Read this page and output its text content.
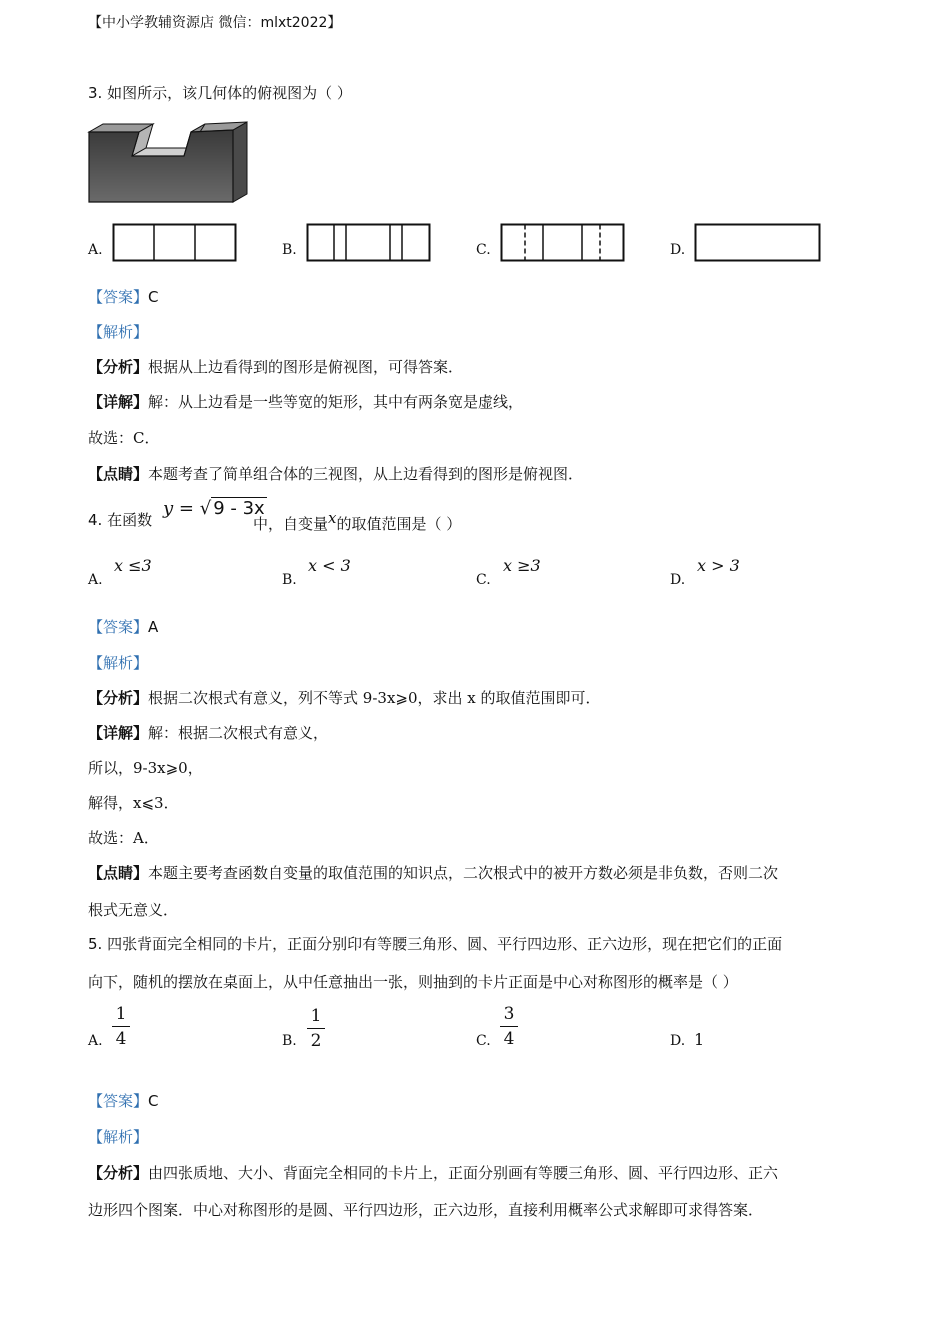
【中小学教辅资源店 微信：mlxt2022】
3. 如图所示，该几何体的俯视图为（ ）
A.	B.	C.	D.
【答案】C
【解析】
【分析】根据从上边看得到的图形是俯视图，可得答案．
【详解】解：从上边看是一些等宽的矩形，其中有两条宽是虚线，
故选：C．
【点睛】本题考查了简单组合体的三视图，从上边看得到的图形是俯视图．
4. 在函数
y = √ 9 - 3x
中，自变量$^x$的取值范围是（ ）
A.
x ≤3
B.
x < 3
C.
x ≥3
D.
x > 3
【答案】A
【解析】
【分析】根据二次根式有意义，列不等式 9-3x⩾0，求出 x 的取值范围即可．
【详解】解：根据二次根式有意义，
所以，9-3x⩾0，
解得，x⩽3．
故选：A．
【点睛】本题主要考查函数自变量的取值范围的知识点，二次根式中的被开方数必须是非负数，否则二次
根式无意义．
5. 四张背面完全相同的卡片，正面分别印有等腰三角形、圆、平行四边形、正六边形，现在把它们的正面
向下，随机的摆放在桌面上，从中任意抽出一张，则抽到的卡片正面是中心对称图形的概率是（ ）
A.
1
4	B.
1
2	C.
3
4	D. 1
【答案】C
【解析】
【分析】由四张质地、大小、背面完全相同的卡片上，正面分别画有等腰三角形、圆、平行四边形、正六
边形四个图案．中心对称图形的是圆、平行四边形，正六边形，直接利用概率公式求解即可求得答案．
